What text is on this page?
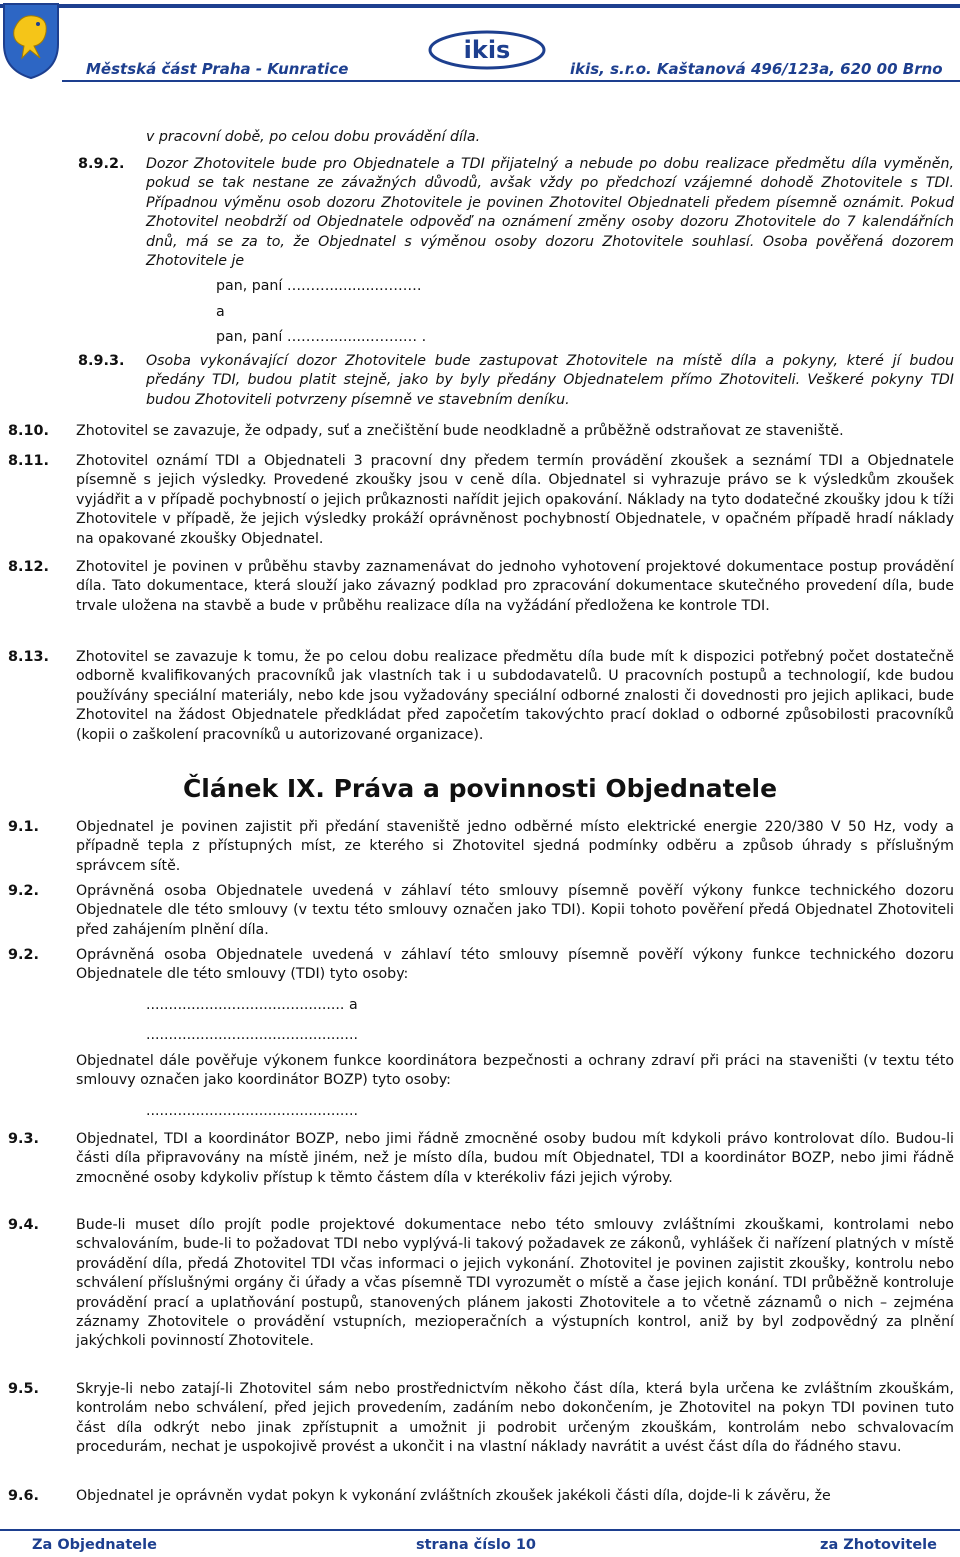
Městská část Praha - Kunratice
ikis
ikis, s.r.o. Kaštanová 496/123a, 620 00 Brno
v pracovní době, po celou dobu provádění díla.
8.9.2. Dozor Zhotovitele bude pro Objednatele a TDI přijatelný a nebude po dobu realizace předmětu díla vyměněn, pokud se tak nestane ze závažných důvodů, avšak vždy po předchozí vzájemné dohodě Zhotovitele s TDI. Případnou výměnu osob dozoru Zhotovitele je povinen Zhotovitel Objednateli předem písemně oznámit. Pokud Zhotovitel neobdrží od Objednatele odpověď na oznámení změny osoby dozoru Zhotovitele do 7 kalendářních dnů, má se za to, že Objednatel s výměnou osoby dozoru Zhotovitele souhlasí. Osoba pověřená dozorem Zhotovitele je
pan, paní ………...........………
a
pan, paní ……….........…….… .
8.9.3. Osoba vykonávající dozor Zhotovitele bude zastupovat Zhotovitele na místě díla a pokyny, které jí budou předány TDI, budou platit stejně, jako by byly předány Objednatelem přímo Zhotoviteli. Veškeré pokyny TDI budou Zhotoviteli potvrzeny písemně ve stavebním deníku.
8.10. Zhotovitel se zavazuje, že odpady, suť a znečištění bude neodkladně a průběžně odstraňovat ze staveniště.
8.11. Zhotovitel oznámí TDI a Objednateli 3 pracovní dny předem termín provádění zkoušek a seznámí TDI a Objednatele písemně s jejich výsledky. Provedené zkoušky jsou v ceně díla. Objednatel si vyhrazuje právo se k výsledkům zkoušek vyjádřit a v případě pochybností o jejich průkaznosti nařídit jejich opakování. Náklady na tyto dodatečné zkoušky jdou k tíži Zhotovitele v případě, že jejich výsledky prokáží oprávněnost pochybností Objednatele, v opačném případě hradí náklady na opakované zkoušky Objednatel.
8.12. Zhotovitel je povinen v průběhu stavby zaznamenávat do jednoho vyhotovení projektové dokumentace postup provádění díla. Tato dokumentace, která slouží jako závazný podklad pro zpracování dokumentace skutečného provedení díla, bude trvale uložena na stavbě a bude v průběhu realizace díla na vyžádání předložena ke kontrole TDI.
8.13. Zhotovitel se zavazuje k tomu, že po celou dobu realizace předmětu díla bude mít k dispozici potřebný počet dostatečně odborně kvalifikovaných pracovníků jak vlastních tak i u subdodavatelů. U pracovních postupů a technologií, kde budou používány speciální materiály, nebo kde jsou vyžadovány speciální odborné znalosti či dovednosti pro jejich aplikaci, bude Zhotovitel na žádost Objednatele předkládat před započetím takovýchto prací doklad o odborné způsobilosti pracovníků (kopii o zaškolení pracovníků u autorizované organizace).
Článek IX. Práva a povinnosti Objednatele
9.1.	Objednatel je povinen zajistit při předání staveniště jedno odběrné místo elektrické energie 220/380 V 50 Hz, vody a případně tepla z přístupných míst, ze kterého si Zhotovitel sjedná podmínky odběru a způsob úhrady s příslušným správcem sítě.
9.2.	Oprávněná osoba Objednatele uvedená v záhlaví této smlouvy písemně pověří výkony funkce technického dozoru Objednatele dle této smlouvy (v textu této smlouvy označen jako TDI). Kopii tohoto pověření předá Objednatel Zhotoviteli před zahájením plnění díla.
9.2.	Oprávněná osoba Objednatele uvedená v záhlaví této smlouvy písemně pověří výkony funkce technického dozoru Objednatele dle této smlouvy (TDI) tyto osoby:
............................................ a
...............................................
Objednatel dále pověřuje výkonem funkce koordinátora bezpečnosti a ochrany zdraví při práci na staveništi (v textu této smlouvy označen jako koordinátor BOZP) tyto osoby:
...............................................
9.3.	Objednatel, TDI a koordinátor BOZP, nebo jimi řádně zmocněné osoby budou mít kdykoli právo kontrolovat dílo. Budou-li části díla připravovány na místě jiném, než je místo díla, budou mít Objednatel, TDI a koordinátor BOZP, nebo jimi řádně zmocněné osoby kdykoliv přístup k těmto částem díla v kterékoliv fázi jejich výroby.
9.4.	Bude-li muset dílo projít podle projektové dokumentace nebo této smlouvy zvláštními zkouškami, kontrolami nebo schvalováním, bude-li to požadovat TDI nebo vyplývá-li takový požadavek ze zákonů, vyhlášek či nařízení platných v místě provádění díla, předá Zhotovitel TDI včas informaci o jejich vykonání. Zhotovitel je povinen zajistit zkoušky, kontrolu nebo schválení příslušnými orgány či úřady a včas písemně TDI vyrozumět o místě a čase jejich konání. TDI průběžně kontroluje provádění prací a uplatňování postupů, stanovených plánem jakosti Zhotovitele a to včetně záznamů o nich – zejména záznamy Zhotovitele o provádění vstupních, mezioperačních a výstupních kontrol, aniž by byl zodpovědný za plnění jakýchkoli povinností Zhotovitele.
9.5.	Skryje-li nebo zatají-li Zhotovitel sám nebo prostřednictvím někoho část díla, která byla určena ke zvláštním zkouškám, kontrolám nebo schválení, před jejich provedením, zadáním nebo dokončením, je Zhotovitel na pokyn TDI povinen tuto část díla odkrýt nebo jinak zpřístupnit a umožnit ji podrobit určeným zkouškám, kontrolám nebo schvalovacím procedurám, nechat je uspokojivě provést a ukončit i na vlastní náklady navrátit a uvést část díla do řádného stavu.
9.6.	Objednatel je oprávněn vydat pokyn k vykonání zvláštních zkoušek jakékoli části díla, dojde-li k závěru, že
Za Objednatele	strana číslo 10	za Zhotovitele
